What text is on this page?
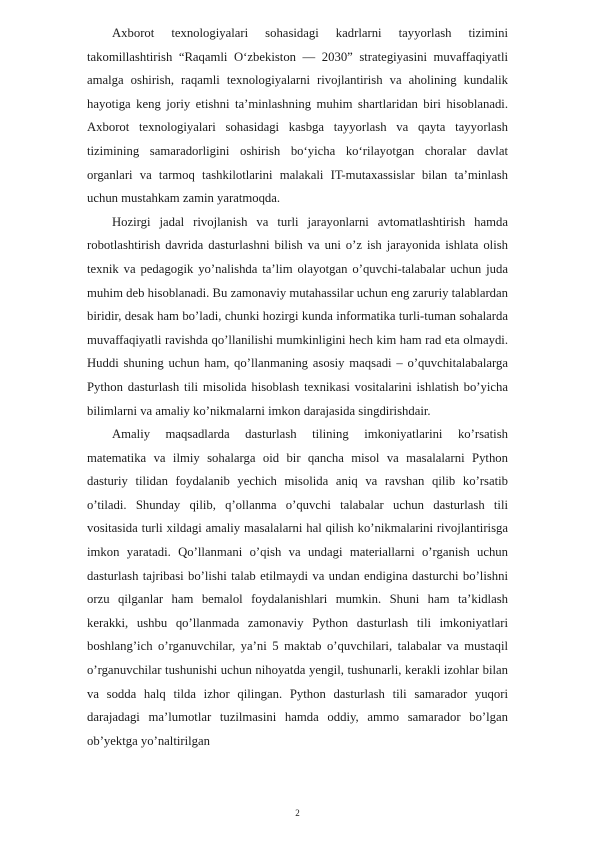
Axborot texnologiyalari sohasidagi kadrlarni tayyorlash tizimini takomillashtirish “Raqamli O‘zbekiston — 2030” strategiyasini muvaffaqiyatli amalga oshirish, raqamli texnologiyalarni rivojlantirish va aholining kundalik hayotiga keng joriy etishni ta’minlashning muhim shartlaridan biri hisoblanadi. Axborot texnologiyalari sohasidagi kasbga tayyorlash va qayta tayyorlash tizimining samaradorligini oshirish bo‘yicha ko‘rilayotgan choralar davlat organlari va tarmoq tashkilotlarini malakali IT-mutaxassislar bilan ta’minlash uchun mustahkam zamin yaratmoqda.

Hozirgi jadal rivojlanish va turli jarayonlarni avtomatlashtirish hamda robotlashtirish davrida dasturlashni bilish va uni o’z ish jarayonida ishlata olish texnik va pedagogik yo’nalishda ta’lim olayotgan o’quvchi-talabalar uchun juda muhim deb hisoblanadi. Bu zamonaviy mutahassilar uchun eng zaruriy talablardan biridir, desak ham bo’ladi, chunki hozirgi kunda informatika turli-tuman sohalarda muvaffaqiyatli ravishda qo’llanilishi mumkinligini hech kim ham rad eta olmaydi. Huddi shuning uchun ham, qo’llanmaning asosiy maqsadi – o’quvchitalabalarga Python dasturlash tili misolida hisoblash texnikasi vositalarini ishlatish bo’yicha bilimlarni va amaliy ko’nikmalarni imkon darajasida singdirishdair.

Amaliy maqsadlarda dasturlash tilining imkoniyatlarini ko’rsatish matematika va ilmiy sohalarga oid bir qancha misol va masalalarni Python dasturiy tilidan foydalanib yechich misolida aniq va ravshan qilib ko’rsatib o’tiladi. Shunday qilib, q’ollanma o’quvchi talabalar uchun dasturlash tili vositasida turli xildagi amaliy masalalarni hal qilish ko’nikmalarini rivojlantirisga imkon yaratadi. Qo’llanmani o’qish va undagi materiallarni o’rganish uchun dasturlash tajribasi bo’lishi talab etilmaydi va undan endigina dasturchi bo’lishni orzu qilganlar ham bemalol foydalanishlari mumkin. Shuni ham ta’kidlash kerakki, ushbu qo’llanmada zamonaviy Python dasturlash tili imkoniyatlari boshlang’ich o’rganuvchilar, ya’ni 5 maktab o’quvchilari, talabalar va mustaqil o’rganuvchilar tushunishi uchun nihoyatda yengil, tushunarli, kerakli izohlar bilan va sodda halq tilda izhor qilingan. Python dasturlash tili samarador yuqori darajadagi ma’lumotlar tuzilmasini hamda oddiy, ammo samarador bo’lgan ob’yektga yo’naltirilgan

2
